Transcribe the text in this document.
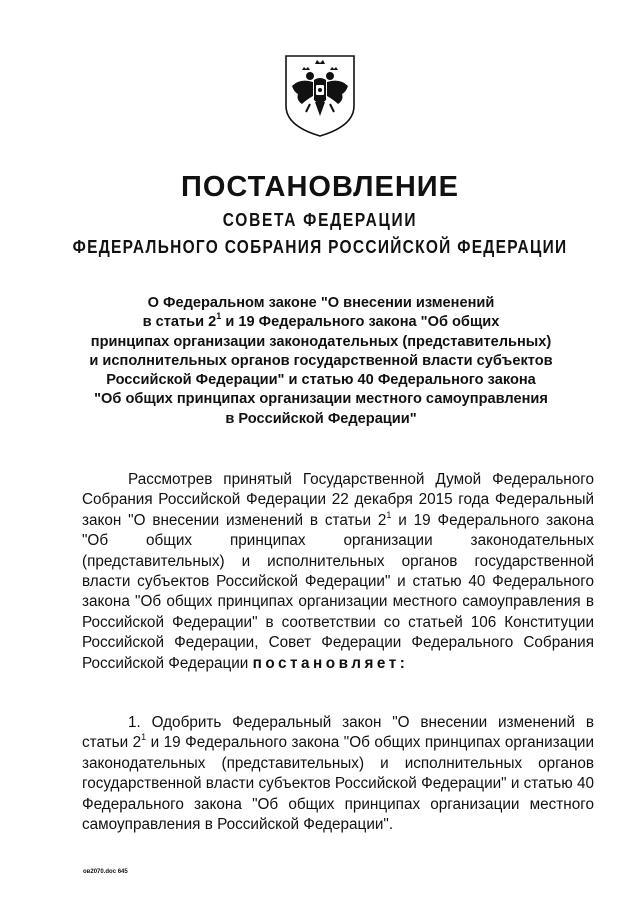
ПОСТАНОВЛЕНИЕ
СОВЕТА ФЕДЕРАЦИИ
ФЕДЕРАЛЬНОГО СОБРАНИЯ РОССИЙСКОЙ ФЕДЕРАЦИИ
О Федеральном законе "О внесении изменений
в статьи $2^1$ и 19 Федерального закона "Об общих
принципах организации законодательных (представительных)
и исполнительных органов государственной власти субъектов
Российской Федерации" и статью 40 Федерального закона
"Об общих принципах организации местного самоуправления
в Российской Федерации"
Рассмотрев принятый Государственной Думой Федерального Собрания Российской Федерации 22 декабря 2015 года Федеральный закон "О внесении изменений в статьи $2^1$ и 19 Федерального закона "Об общих принципах организации законодательных (представительных) и исполнительных органов государственной власти субъектов Российской Федерации" и статью 40 Федерального закона "Об общих принципах организации местного самоуправления в Российской Федерации" в соответствии со статьей 106 Конституции Российской Федерации, Совет Федерации Федерального Собрания Российской Федерации постановляет:
1. Одобрить Федеральный закон "О внесении изменений в статьи $2^1$ и 19 Федерального закона "Об общих принципах организации законодательных (представительных) и исполнительных органов государственной власти субъектов Российской Федерации" и статью 40 Федерального закона "Об общих принципах организации местного самоуправления в Российской Федерации".
ов2070.doc 645
